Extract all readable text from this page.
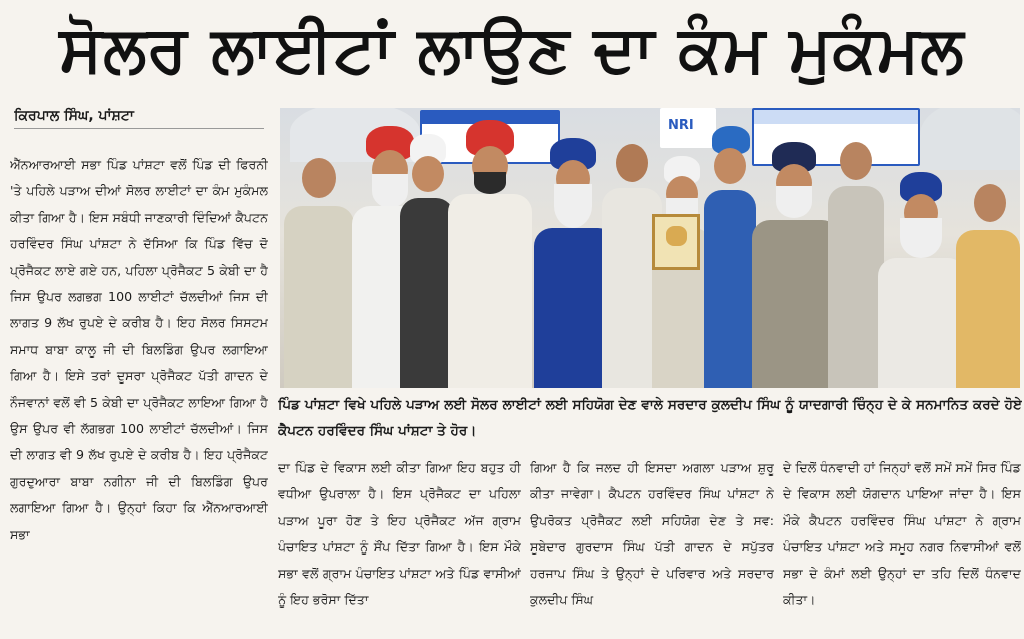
ਸੋਲਰ ਲਾਈਟਾਂ ਲਾਉਣ ਦਾ ਕੰਮ ਮੁਕੰਮਲ
ਕਿਰਪਾਲ ਸਿੰਘ, ਪਾਂਸ਼ਟਾ

ਐੱਨਆਰਆਈ ਸਭਾ ਪਿੰਡ ਪਾਂਸ਼ਟਾ ਵਲੋਂ ਪਿੰਡ ਦੀ ਫਿਰਨੀ 'ਤੇ ਪਹਿਲੇ ਪੜਾਅ ਦੀਆਂ ਸੋਲਰ ਲਾਈਟਾਂ ਦਾ ਕੰਮ ਮੁਕੰਮਲ ਕੀਤਾ ਗਿਆ ਹੈ। ਇਸ ਸਬੰਧੀ ਜਾਣਕਾਰੀ ਦਿੰਦਿਆਂ ਕੈਪਟਨ ਹਰਵਿੰਦਰ ਸਿੰਘ ਪਾਂਸ਼ਟਾ ਨੇ ਦੱਸਿਆ ਕਿ ਪਿੰਡ ਵਿੱਚ ਦੋ ਪ੍ਰੋਜੈਕਟ ਲਾਏ ਗਏ ਹਨ, ਪਹਿਲਾ ਪ੍ਰੋਜੈਕਟ 5 ਕੇਬੀ ਦਾ ਹੈ ਜਿਸ ਉਪਰ ਲਗਭਗ 100 ਲਾਈਟਾਂ ਚੱਲਦੀਆਂ ਜਿਸ ਦੀ ਲਾਗਤ 9 ਲੱਖ ਰੁਪਏ ਦੇ ਕਰੀਬ ਹੈ। ਇਹ ਸੋਲਰ ਸਿਸਟਮ ਸਮਾਧ ਬਾਬਾ ਕਾਲੂ ਜੀ ਦੀ ਬਿਲਡਿੰਗ ਉਪਰ ਲਗਾਇਆ ਗਿਆ ਹੈ। ਇਸੇ ਤਰਾਂ ਦੂਸਰਾ ਪ੍ਰੋਜੈਕਟ ਪੱਤੀ ਗਾਦਨ ਦੇ ਨੌਜਵਾਨਾਂ ਵਲੋਂ ਵੀ 5 ਕੇਬੀ ਦਾ ਪ੍ਰੋਜੈਕਟ ਲਾਇਆ ਗਿਆ ਹੈ ਉਸ ਉਪਰ ਵੀ ਲੱਗਭਗ 100 ਲਾਈਟਾਂ ਚੱਲਦੀਆਂ। ਜਿਸ ਦੀ ਲਾਗਤ ਵੀ 9 ਲੱਖ ਰੁਪਏ ਦੇ ਕਰੀਬ ਹੈ। ਇਹ ਪ੍ਰੋਜੈਕਟ ਗੁਰਦੁਆਰਾ ਬਾਬਾ ਨਗੀਨਾ ਜੀ ਦੀ ਬਿਲਡਿੰਗ ਉਪਰ ਲਗਾਇਆ ਗਿਆ ਹੈ। ਉਨ੍ਹਾਂ ਕਿਹਾ ਕਿ ਐੱਨਆਰਆਈ ਸਭਾ

NRI
ਪਿੰਡ ਪਾਂਸ਼ਟਾ ਵਿਖੇ ਪਹਿਲੇ ਪੜਾਅ ਲਈ ਸੋਲਰ ਲਾਈਟਾਂ ਲਈ ਸਹਿਯੋਗ ਦੇਣ ਵਾਲੇ ਸਰਦਾਰ ਕੁਲਦੀਪ ਸਿੰਘ ਨੂੰ ਯਾਦਗਾਰੀ ਚਿੰਨ੍ਹ ਦੇ ਕੇ ਸਨਮਾਨਿਤ ਕਰਦੇ ਹੋਏ ਕੈਪਟਨ ਹਰਵਿੰਦਰ ਸਿੰਘ ਪਾਂਸ਼ਟਾ ਤੇ ਹੋਰ।

ਦਾ ਪਿੰਡ ਦੇ ਵਿਕਾਸ ਲਈ ਕੀਤਾ ਗਿਆ ਇਹ ਬਹੁਤ ਹੀ ਵਧੀਆ ਉਪਰਾਲਾ ਹੈ। ਇਸ ਪ੍ਰੋਜੈਕਟ ਦਾ ਪਹਿਲਾ ਪੜਾਅ ਪੂਰਾ ਹੋਣ ਤੇ ਇਹ ਪ੍ਰੋਜੈਕਟ ਅੱਜ ਗ੍ਰਾਮ ਪੰਚਾਇਤ ਪਾਂਸ਼ਟਾ ਨੂੰ ਸੌਂਪ ਦਿੱਤਾ ਗਿਆ ਹੈ। ਇਸ ਮੌਕੇ ਸਭਾ ਵਲੋਂ ਗ੍ਰਾਮ ਪੰਚਾਇਤ ਪਾਂਸ਼ਟਾ ਅਤੇ ਪਿੰਡ ਵਾਸੀਆਂ ਨੂੰ ਇਹ ਭਰੋਸਾ ਦਿੱਤਾ

ਗਿਆ ਹੈ ਕਿ ਜਲਦ ਹੀ ਇਸਦਾ ਅਗਲਾ ਪੜਾਅ ਸ਼ੁਰੂ ਕੀਤਾ ਜਾਵੇਗਾ। ਕੈਪਟਨ ਹਰਵਿੰਦਰ ਸਿੰਘ ਪਾਂਸ਼ਟਾ ਨੇ ਉਪਰੋਕਤ ਪ੍ਰੋਜੈਕਟ ਲਈ ਸਹਿਯੋਗ ਦੇਣ ਤੇ ਸਵ: ਸੂਬੇਦਾਰ ਗੁਰਦਾਸ ਸਿੰਘ ਪੱਤੀ ਗਾਦਨ ਦੇ ਸਪੁੱਤਰ ਹਰਜਾਪ ਸਿੰਘ ਤੇ ਉਨ੍ਹਾਂ ਦੇ ਪਰਿਵਾਰ ਅਤੇ ਸਰਦਾਰ ਕੁਲਦੀਪ ਸਿੰਘ

ਦੇ ਦਿਲੋਂ ਧੰਨਵਾਦੀ ਹਾਂ ਜਿਨ੍ਹਾਂ ਵਲੋਂ ਸਮੇਂ ਸਮੇਂ ਸਿਰ ਪਿੰਡ ਦੇ ਵਿਕਾਸ ਲਈ ਯੋਗਦਾਨ ਪਾਇਆ ਜਾਂਦਾ ਹੈ। ਇਸ ਮੌਕੇ ਕੈਪਟਨ ਹਰਵਿੰਦਰ ਸਿੰਘ ਪਾਂਸ਼ਟਾ ਨੇ ਗ੍ਰਾਮ ਪੰਚਾਇਤ ਪਾਂਸ਼ਟਾ ਅਤੇ ਸਮੂਹ ਨਗਰ ਨਿਵਾਸੀਆਂ ਵਲੋਂ ਸਭਾ ਦੇ ਕੰਮਾਂ ਲਈ ਉਨ੍ਹਾਂ ਦਾ ਤਹਿ ਦਿਲੋਂ ਧੰਨਵਾਦ ਕੀਤਾ।
